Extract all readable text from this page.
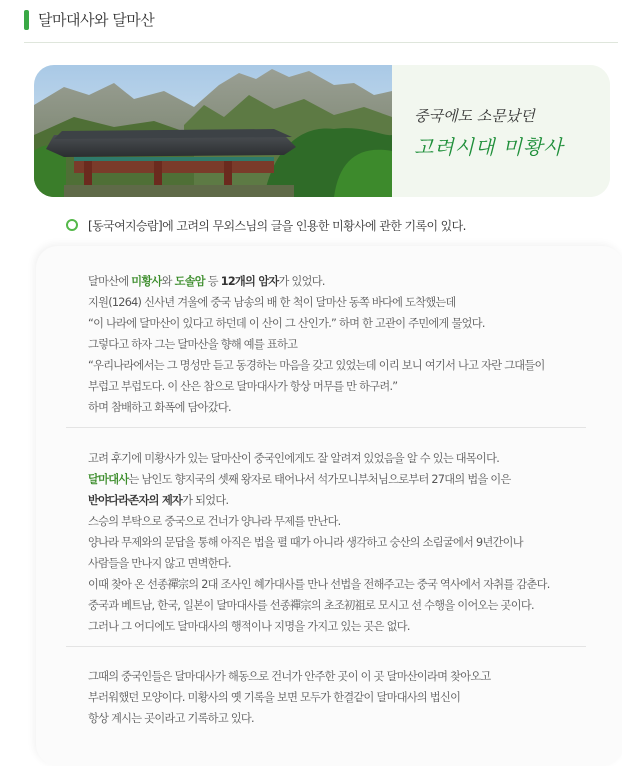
달마대사와 달마산
중국에도 소문났던
고려시대 미황사
[동국여지승람]에 고려의 무외스님의 글을 인용한 미황사에 관한 기록이 있다.

달마산에 미황사와 도솔암 등 12개의 암자가 있었다.

지원(1264) 신사년 겨울에 중국 남송의 배 한 척이 달마산 동쪽 바다에 도착했는데

“이 나라에 달마산이 있다고 하던데 이 산이 그 산인가.” 하며 한 고관이 주민에게 물었다.

그렇다고 하자 그는 달마산을 향해 예를 표하고

“우리나라에서는 그 명성만 듣고 동경하는 마음을 갖고 있었는데 이리 보니 여기서 나고 자란 그대들이

부럽고 부럽도다. 이 산은 참으로 달마대사가 항상 머무를 만 하구려.”

하며 참배하고 화폭에 담아갔다.

고려 후기에 미황사가 있는 달마산이 중국인에게도 잘 알려져 있었음을 알 수 있는 대목이다.

달마대사는 남인도 향지국의 셋째 왕자로 태어나서 석가모니부처님으로부터 27대의 법을 이은

반야다라존자의 제자가 되었다.

스승의 부탁으로 중국으로 건너가 양나라 무제를 만난다.

양나라 무제와의 문답을 통해 아직은 법을 펼 때가 아니라 생각하고 숭산의 소림굴에서 9년간이나

사람들을 만나지 않고 면벽한다.

이때 찾아 온 선종禪宗의 2대 조사인 혜가대사를 만나 선법을 전해주고는 중국 역사에서 자취를 감춘다.

중국과 베트남, 한국, 일본이 달마대사를 선종禪宗의 초조初祖로 모시고 선 수행을 이어오는 곳이다.

그러나 그 어디에도 달마대사의 행적이나 지명을 가지고 있는 곳은 없다.

그때의 중국인들은 달마대사가 해동으로 건너가 안주한 곳이 이 곳 달마산이라며 찾아오고

부러워했던 모양이다. 미황사의 옛 기록을 보면 모두가 한결같이 달마대사의 법신이

항상 계시는 곳이라고 기록하고 있다.
